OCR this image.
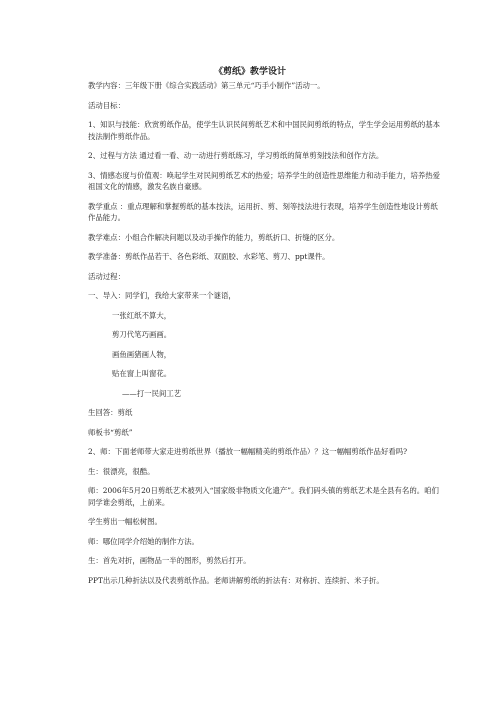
《剪纸》教学设计

教学内容：三年级下册《综合实践活动》第三单元“巧手小制作”活动一。

活动目标：

1、知识与技能：欣赏剪纸作品，使学生认识民间剪纸艺术和中国民间剪纸的特点，学生学会运用剪纸的基本技法制作剪纸作品。

2、过程与方法 通过看一看、动一动进行剪纸练习，学习剪纸的简单剪刻技法和创作方法。

3、情感态度与价值观：唤起学生对民间剪纸艺术的热爱；培养学生的创造性思维能力和动手能力，培养热爱祖国文化的情感，激发名族自豪感。

教学重点 ：重点理解和掌握剪纸的基本技法，运用折、剪、刻等技法进行表现，培养学生创造性地设计剪纸作品能力。

教学难点：小组合作解决问题以及动手操作的能力，剪纸折口、折缝的区分。

教学准备：剪纸作品若干、各色彩纸、双面胶、水彩笔、剪刀、ppt课件。

活动过程：

一、导入：同学们，我给大家带来一个谜语，

一张红纸不算大，

剪刀代笔巧画画。

画鱼画猪画人物，

贴在窗上叫窗花。

——打一民间工艺

生回答：剪纸

师板书“剪纸”

2、师：下面老师带大家走进剪纸世界（播放一幅幅精美的剪纸作品）？这一幅幅剪纸作品好看吗?

生：很漂亮，很酷。

师：2006年5月20日剪纸艺术被列入“国家级非物质文化遗产”。我们码头镇的剪纸艺术是全县有名的。咱们同学谁会剪纸，上前来。

学生剪出一幅松树图。

师：哪位同学介绍她的制作方法。

生：首先对折，画物品一半的图形，剪然后打开。

PPT出示几种折法以及代表剪纸作品。老师讲解剪纸的折法有：对称折、连续折、米子折。
